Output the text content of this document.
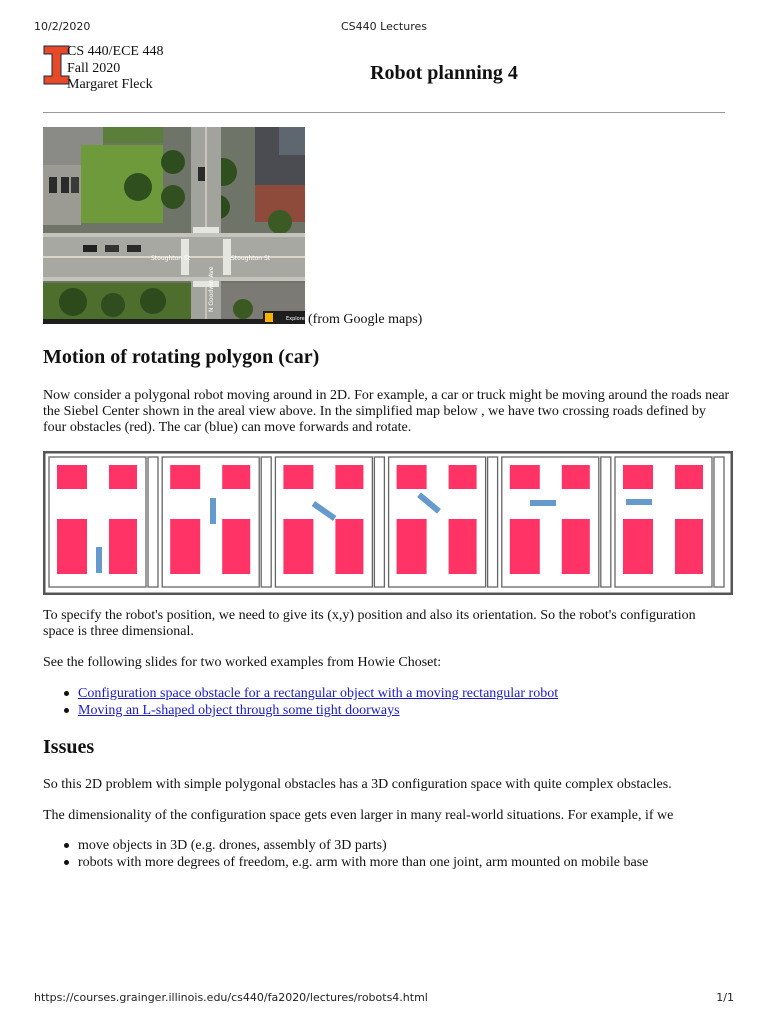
10/2/2020	CS440 Lectures
CS 440/ECE 448
Fall 2020
Margaret Fleck
Robot planning 4
Stoughton St	Stoughton St
N Goodwin Ave
Explore (from Google maps)
Motion of rotating polygon (car)

Now consider a polygonal robot moving around in 2D. For example, a car or truck might be moving around the roads near
the Siebel Center shown in the areal view above. In the simplified map below , we have two crossing roads defined by
four obstacles (red). The car (blue) can move forwards and rotate.

To specify the robot's position, we need to give its (x,y) position and also its orientation. So the robot's configuration
space is three dimensional.

See the following slides for two worked examples from Howie Choset:

Configuration space obstacle for a rectangular object with a moving rectangular robot
Moving an L-shaped object through some tight doorways
Issues

So this 2D problem with simple polygonal obstacles has a 3D configuration space with quite complex obstacles.

The dimensionality of the configuration space gets even larger in many real-world situations. For example, if we

move objects in 3D (e.g. drones, assembly of 3D parts)
robots with more degrees of freedom, e.g. arm with more than one joint, arm mounted on mobile base
https://courses.grainger.illinois.edu/cs440/fa2020/lectures/robots4.html	1/1
